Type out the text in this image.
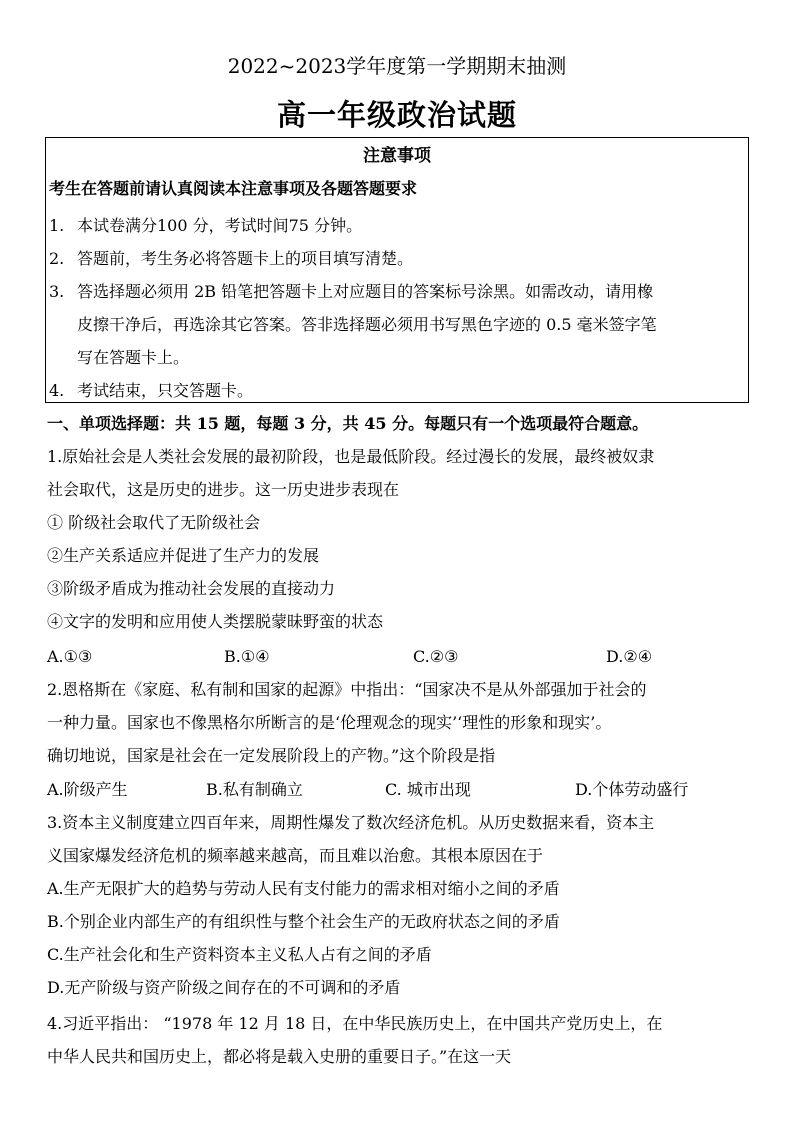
2022~2023学年度第一学期期末抽测
高一年级政治试题
注意事项
考生在答题前请认真阅读本注意事项及各题答题要求
1. 本试卷满分100 分，考试时间75 分钟。
2. 答题前，考生务必将答题卡上的项目填写清楚。
3. 答选择题必须用 2B 铅笔把答题卡上对应题目的答案标号涂黑。如需改动，请用橡
皮擦干净后，再选涂其它答案。答非选择题必须用书写黑色字迹的 0.5 毫米签字笔
写在答题卡上。
4. 考试结束，只交答题卡。
一、单项选择题：共 15 题，每题 3 分，共 45 分。每题只有一个选项最符合题意。
1.原始社会是人类社会发展的最初阶段，也是最低阶段。经过漫长的发展，最终被奴隶
社会取代，这是历史的进步。这一历史进步表现在
① 阶级社会取代了无阶级社会
②生产关系适应并促进了生产力的发展
③阶级矛盾成为推动社会发展的直接动力
④文字的发明和应用使人类摆脱蒙昧野蛮的状态
A.①③	B.①④	C.②③	D.②④
2.恩格斯在《家庭、私有制和国家的起源》中指出：“国家决不是从外部强加于社会的
一种力量。国家也不像黑格尔所断言的是‘伦理观念的现实’‘理性的形象和现实’。
确切地说，国家是社会在一定发展阶段上的产物。”这个阶段是指
A.阶级产生	B.私有制确立	C. 城市出现	D.个体劳动盛行
3.资本主义制度建立四百年来，周期性爆发了数次经济危机。从历史数据来看，资本主
义国家爆发经济危机的频率越来越高，而且难以治愈。其根本原因在于
A.生产无限扩大的趋势与劳动人民有支付能力的需求相对缩小之间的矛盾
B.个别企业内部生产的有组织性与整个社会生产的无政府状态之间的矛盾
C.生产社会化和生产资料资本主义私人占有之间的矛盾
D.无产阶级与资产阶级之间存在的不可调和的矛盾
4.习近平指出： “1978 年 12 月 18 日，在中华民族历史上，在中国共产党历史上，在
中华人民共和国历史上，都必将是载入史册的重要日子。”在这一天
